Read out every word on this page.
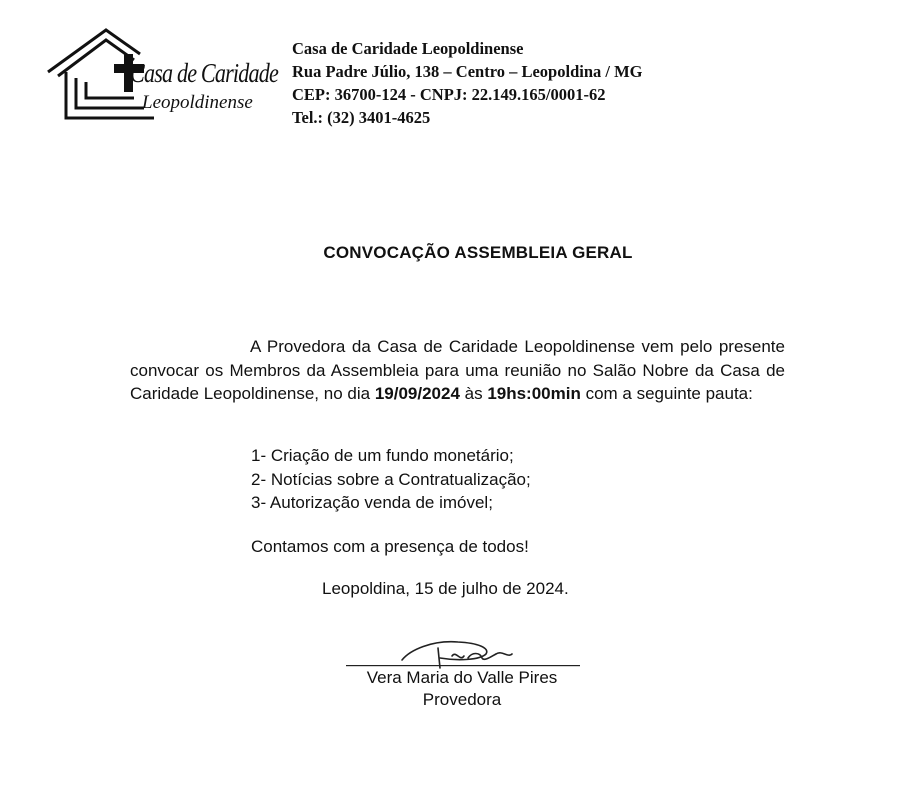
Casa de Caridade
Leopoldinense
Casa de Caridade Leopoldinense
Rua Padre Júlio, 138 – Centro – Leopoldina / MG
CEP: 36700-124 - CNPJ: 22.149.165/0001-62
Tel.: (32) 3401-4625
CONVOCAÇÃO ASSEMBLEIA GERAL
A Provedora da Casa de Caridade Leopoldinense vem pelo presente convocar os Membros da Assembleia para uma reunião no Salão Nobre da Casa de Caridade Leopoldinense, no dia 19/09/2024 às 19hs:00min com a seguinte pauta:
1- Criação de um fundo monetário;
2- Notícias sobre a Contratualização;
3- Autorização venda de imóvel;
Contamos com a presença de todos!
Leopoldina, 15 de julho de 2024.
Vera Maria do Valle Pires
Provedora
